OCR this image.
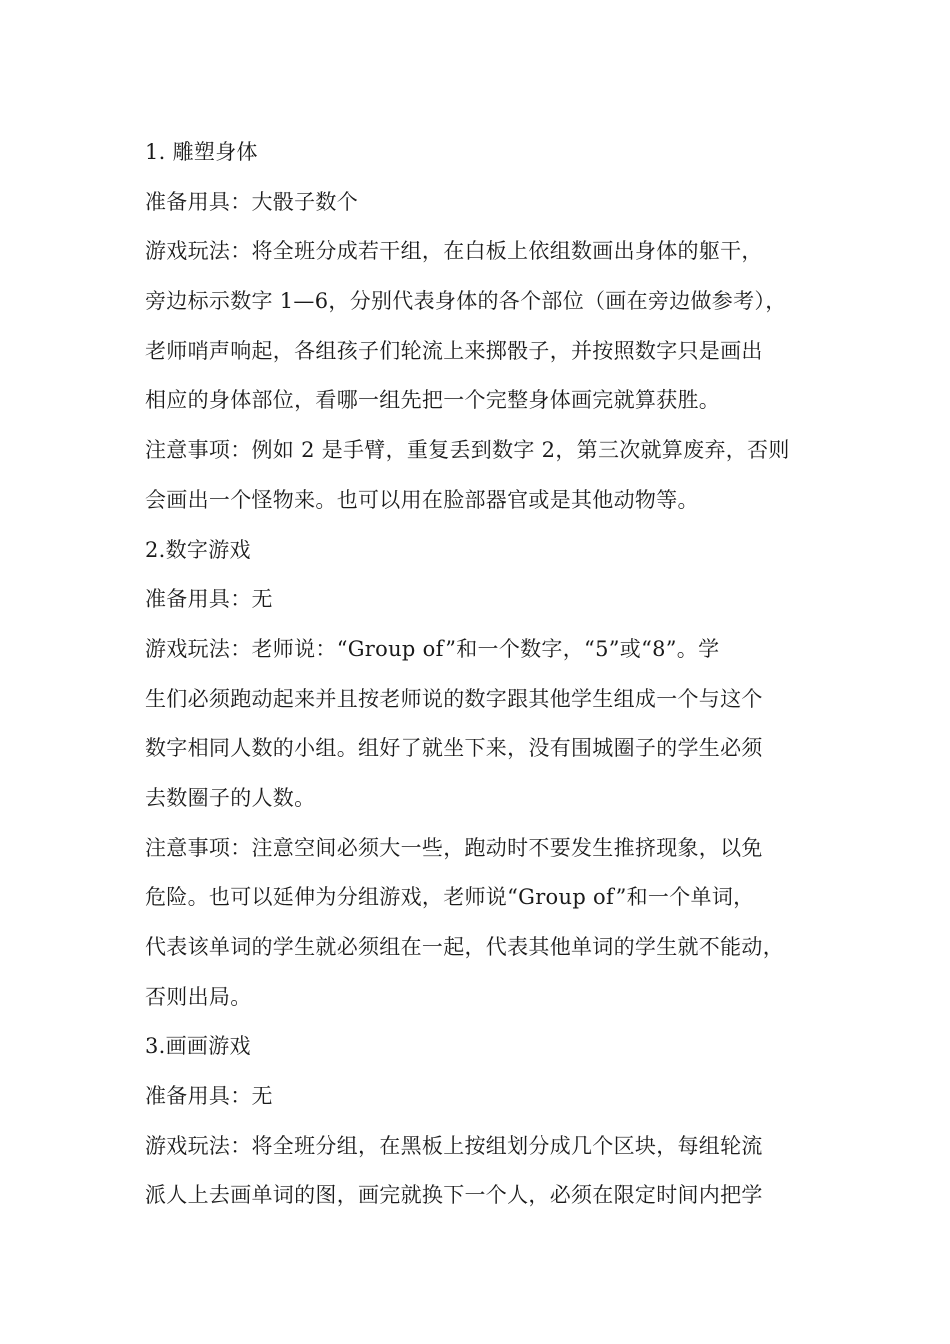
1. 雕塑身体
准备用具：大骰子数个
游戏玩法：将全班分成若干组，在白板上依组数画出身体的躯干，
旁边标示数字 1—6，分别代表身体的各个部位（画在旁边做参考），
老师哨声响起，各组孩子们轮流上来掷骰子，并按照数字只是画出
相应的身体部位，看哪一组先把一个完整身体画完就算获胜。
注意事项：例如 2 是手臂，重复丢到数字 2，第三次就算废弃，否则
会画出一个怪物来。也可以用在脸部器官或是其他动物等。
2.数字游戏
准备用具：无
游戏玩法：老师说：“Group of”和一个数字，“5”或“8”。学
生们必须跑动起来并且按老师说的数字跟其他学生组成一个与这个
数字相同人数的小组。组好了就坐下来，没有围城圈子的学生必须
去数圈子的人数。
注意事项：注意空间必须大一些，跑动时不要发生推挤现象，以免
危险。也可以延伸为分组游戏，老师说“Group of”和一个单词，
代表该单词的学生就必须组在一起，代表其他单词的学生就不能动，
否则出局。
3.画画游戏
准备用具：无
游戏玩法：将全班分组，在黑板上按组划分成几个区块，每组轮流
派人上去画单词的图，画完就换下一个人，必须在限定时间内把学
